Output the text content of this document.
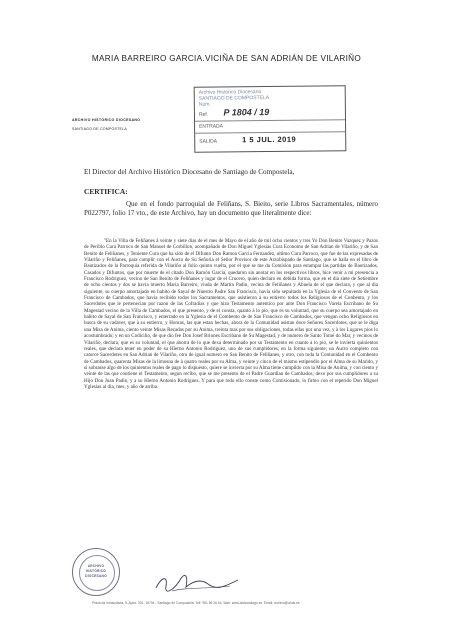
MARIA BARREIRO GARCIA.VICIÑA DE SAN ADRIÁN DE VILARIÑO
ARCHIVO HISTÓRICO DIOCESANO
SANTIAGO DE COMPOSTELA
Archivo Histórico Diocesano
SANTIAGO DE COMPOSTELA
Núm.
Ref. P 1804 / 19
ENTRADA
SALIDA	1 5 JUL. 2019
El Director del Archivo Histórico Diocesano de Santiago de Compostela,
CERTIFICA:
Que en el fondo parroquial de Feliñans, S. Bieito, serie Libros Sacramentales, número P022797, folio 17 vto., de este Archivo, hay un documento que literalmente dice:
"En la Villa de Feliñanes â veinte y siete dias de el mes de Mayo de el año de mil ocho cientos y tres Yo Don Benito Vazquez y Pazos de Periblo Cura Parroco de San Manuel de Corbillon, acompañado de Don Miguel Yglesias Cura Economo de San Adrian de Vilariño, y de San Benito de Feliñanes, y Teniente Cura que ha sido de el Difunto Don Ramon Garcia Fernandez, ultimo Cura Parroco, que fue de las expresadas de Vilariño y Feliñanes, para cumplir con el Aucto de Su Señoria el Señor Provisor de este Arzobispado de Santiago, que se halla en el libro de Bautizados de la Parroquia referida de Vilariño al folio quinto vuelta, por el que se me da Comision para estampar las partidas de Bautizados, Casados y Difuntos, que por muerte de el citado Don Ramón Garcia, quedaron sin anotar en los respectivos libros, hice venir a mi presencia a Francisco Rodriguez, vecino de San Benito de Feliñanes y lugar de el Crucero, quien declaro en debida forma, que en el dia siete de Setiembre de ocho cientos y dos se havia muerto Maria Barreiro, viuda de Martin Padin, vecina de Feliñanes y Abuela de el que declara, y que al dia siguiente, su cuerpo amortajado en habito de Sayal de Nuestro Padre San Francisco, havia sido sepultado en la Yglesia de el Convento de San Francisco de Cambados, que havia recibido todos los Sacramentos, que asistieron a su entierro todos los Religiosos de el Conbento, y los Sacerdotes que le pertenecian por razon de las Cofradias y que hizo Testamento autentico por ante Don Francisco Varela Escribano de Su Magestad vecino de la Villa de Cambados, el que presento, y de el consta, quanto à lo pio, que es su voluntad, que su cuerpo sea amortajado en habito de Sayal de San Francisco, y enterrado en la Yglesia de el Combento de de San Francisco de Cambados, que vengan ocho Religiosos en busca de su cadaver, que à su entierro, y Honras, las que estan hechas, ahora de la Comunidad asistan doce Señores Sacerdotes, que se le diga una Misa de Anima, ciento veinte Misas Rezadas por su Anima, treinta mas por sus obligaciones, todas ellas por una vez, y à los Lugares pios lo acostumbrado; y en un Codicilio, de que dio fee Don Josef Briones Escribano de Su Magestad, y de numero de Santo Tomé do Mar, y vecinos de Vilariño, declara, que es su voluntad, el que ahorra de lo que dexa determinado por su Testamento en cuanto à lo pio, se le invierta quinientos reales, que declara tener en poder de su Hierno Antonio Rodriguez, uno de sus cumplidores, en la forma siguiente; un Aucto completo con catorce Sacerdotes en San Adrian de Vilariño, otro de igual numero en San Benito de Feliñanes, y otro, con toda la Comunidad en el Combento de Cambados, quarenta Misas de la limosna de à quatro reales por su Alma, y veinte y cinco de el mismo estipendio por el Alma de su Marido, y si sobrasse algo de los quinientos reales de pago lo dispuesto, quiere se invierta por su Alma tiene cumplido con la Misa de Anima, y con ciento y veinte de las que contiene el Testamento, segun recibo, que se me presento de el Padre Guardian de Cambados; dexo por sus cumplidores a su Hijo Don Juan Padin, y a su Hierno Antonio Rodriguez. Y para que todo ello conste como Comisionado, lo firmo con el reperido Don Miguel Yglesias al dia, mes, y año de arriba.
ARCHIVO
HISTÓRICO
DIOCESANO
Praza da Inmaculada, 5. Apdo. 301. 15704 - Santiago de Compostela. Telf. 981 56 26 64. Web: www.ahdsantiago.es. Email: archivo@ahds.es
